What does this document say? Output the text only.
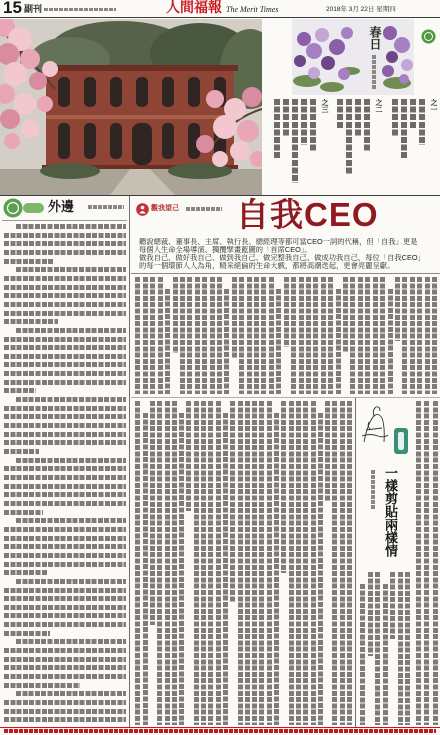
15 副刊	人間福報 The Merit Times	2018年 3月 22日 星期四
春日
之一
之二
之三
外邊	觀我望己 自我CEO
聽說總裁、董事長、主席、執行長、總經理等都可當CEO一詞的代稱，但「自我」更是
每個人生命全場導演、獨攬擘畫藍圖的「首席CEO」。
做我自己、做好我自己、做到我自己、做完整我自己、做成功我自己，每位「自我CEO」
的每一個環節人人為角，精采絕倫的生命大戲，都將高潮迭起，更會亮麗呈獻。
一樣剪貼兩樣情
